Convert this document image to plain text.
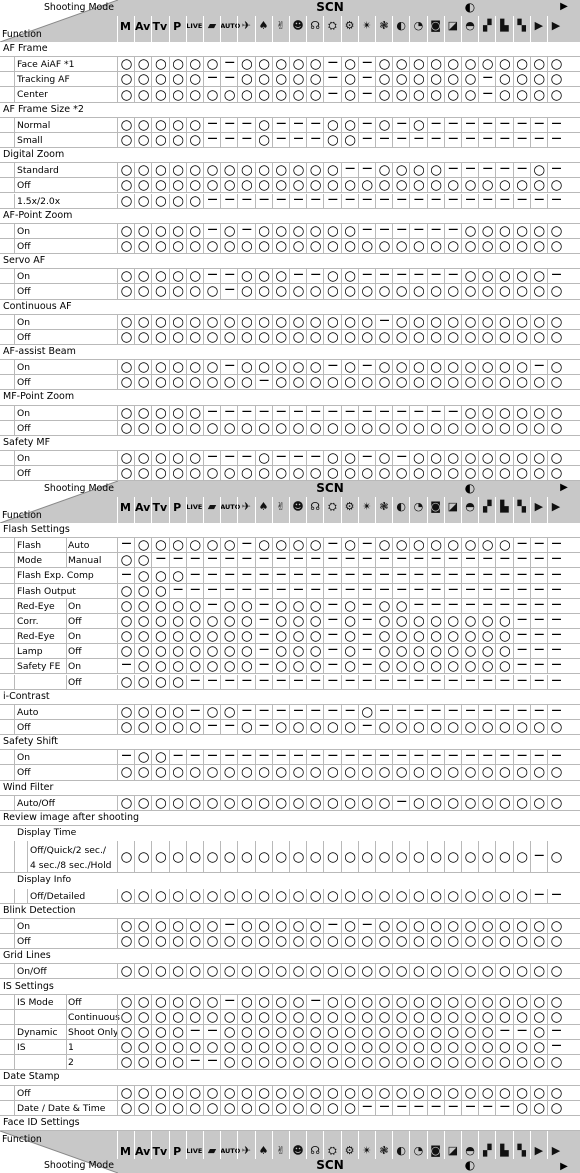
Shooting Mode
Function
M Av Tv P LIVE	AUTO
▰ ✈ ♠ ✌ ☻ ☊ ⛭ ⚙ ✴ ❃ ◐ ◔ ◙ ◪ ◓ ▞ ▙ ▚ ▶ ▶
SCN	◐	▶
AF Frame
Face AiAF *1	○ ○ ○ ○ ○ ○ — ○ ○ ○ ○ ○ — ○ — ○ ○ ○ ○ ○ ○ ○ ○ ○ ○ ○
Tracking AF	○ ○ ○ ○ ○ — — ○ ○ ○ ○ ○ — ○ — ○ ○ ○ ○ ○ ○ — ○ ○ ○ ○
Center	○ ○ ○ ○ ○ ○ ○ ○ ○ ○ ○ ○ — ○ — ○ ○ ○ ○ ○ ○ — ○ ○ ○ ○
AF Frame Size *2
Normal	○ ○ ○ ○ ○ — — — ○ — — — ○ ○ — ○ — ○ — — — — — — — —
Small	○ ○ ○ ○ ○ — — — ○ — — — ○ ○ — — — — — — — — — — — —
Digital Zoom
Standard	○ ○ ○ ○ ○ ○ ○ ○ ○ ○ ○ ○ ○ — — ○ ○ ○ ○ — — — — — ○ —
Off	○ ○ ○ ○ ○ ○ ○ ○ ○ ○ ○ ○ ○ ○ ○ ○ ○ ○ ○ ○ ○ ○ ○ ○ ○ ○
1.5x/2.0x	○ ○ ○ ○ ○ — — — — — — — — — — — — — — — — — — — — —
AF-Point Zoom
On	○ ○ ○ ○ ○ — ○ — ○ ○ ○ ○ ○ ○ — — — — — — ○ ○ ○ ○ ○ ○
Off	○ ○ ○ ○ ○ ○ ○ ○ ○ ○ ○ ○ ○ ○ ○ ○ ○ ○ ○ ○ ○ ○ ○ ○ ○ ○
Servo AF
On	○ ○ ○ ○ ○ — — ○ ○ ○ — — ○ ○ — — — — — — ○ ○ ○ ○ ○ —
Off	○ ○ ○ ○ ○ ○ — ○ ○ ○ ○ ○ ○ ○ ○ ○ ○ ○ ○ ○ ○ ○ ○ ○ ○ ○
Continuous AF
On	○ ○ ○ ○ ○ ○ ○ ○ ○ ○ ○ ○ ○ ○ ○ — ○ ○ ○ ○ ○ ○ ○ ○ ○ ○
Off	○ ○ ○ ○ ○ ○ ○ ○ ○ ○ ○ ○ ○ ○ ○ ○ ○ ○ ○ ○ ○ ○ ○ ○ ○ ○
AF-assist Beam
On	○ ○ ○ ○ ○ ○ — ○ ○ ○ ○ ○ — ○ — ○ ○ ○ ○ ○ ○ ○ ○ ○ — ○
Off	○ ○ ○ ○ ○ ○ ○ ○ — ○ ○ ○ ○ ○ ○ ○ ○ ○ ○ ○ ○ ○ ○ ○ ○ ○
MF-Point Zoom
On	○ ○ ○ ○ ○ — — — — — — — — — — — — — — — ○ ○ ○ ○ ○ ○
Off	○ ○ ○ ○ ○ ○ ○ ○ ○ ○ ○ ○ ○ ○ ○ ○ ○ ○ ○ ○ ○ ○ ○ ○ ○ ○
Safety MF
On	○ ○ ○ ○ ○ — — — ○ — — — ○ ○ — ○ — ○ ○ ○ ○ ○ ○ ○ ○ ○
Off	○ ○ ○ ○ ○ ○ ○ ○ ○ ○ ○ ○ ○ ○ ○ ○ ○ ○ ○ ○ ○ ○ ○ ○ ○ ○
Shooting Mode
Function
M Av Tv P LIVE	AUTO
▰ ✈ ♠ ✌ ☻ ☊ ⛭ ⚙ ✴ ❃ ◐ ◔ ◙ ◪ ◓ ▞ ▙ ▚ ▶ ▶
SCN	◐	▶
Flash Settings
Flash	Auto	— ○ ○ ○ ○ ○ ○ — ○ ○ ○ ○ — ○ — ○ ○ ○ ○ ○ ○ ○ ○ — — —
Mode	Manual ○ ○ — — — — — — — — — — — — — — — — — — — — — — — —
Flash Exp. Comp	— ○ ○ ○ — — — — — — — — — — — — — — — — — — — — — —
Flash Output	○ ○ ○ — — — — — — — — — — — — — — — — — — — — — — —
Red-Eye On	○ ○ ○ ○ ○ — ○ ○ — ○ ○ ○ — ○ — ○ ○ — — — — — — — — —
Corr.	Off	○ ○ ○ ○ ○ ○ ○ ○ — ○ ○ ○ — ○ — ○ ○ ○ ○ ○ ○ ○ ○ — — —
Red-Eye On	○ ○ ○ ○ ○ ○ ○ ○ — ○ ○ ○ — ○ — ○ ○ ○ ○ ○ ○ ○ ○ — — —
Lamp	Off	○ ○ ○ ○ ○ ○ ○ ○ — ○ ○ ○ — ○ — ○ ○ ○ ○ ○ ○ ○ ○ — — —
Safety FE On	— ○ ○ ○ ○ ○ ○ ○ — ○ ○ ○ — ○ — ○ ○ ○ ○ ○ ○ ○ ○ — — —
Off	○ ○ ○ ○ — — — — — — — — — — — — — — — — — — — — — —
i-Contrast
Auto	○ ○ ○ ○ — ○ ○ — — — — — — — ○ — — — — — — — — — — —
Off	○ ○ ○ ○ ○ — — ○ — ○ ○ ○ ○ ○ — ○ ○ ○ ○ ○ ○ ○ ○ ○ ○ ○
Safety Shift
On	— ○ ○ — — — — — — — — — — — — — — — — — — — — — — —
Off	○ ○ ○ ○ ○ ○ ○ ○ ○ ○ ○ ○ ○ ○ ○ ○ ○ ○ ○ ○ ○ ○ ○ ○ ○ ○
Wind Filter
Auto/Off	○ ○ ○ ○ ○ ○ ○ ○ ○ ○ ○ ○ ○ ○ ○ ○ — ○ ○ ○ ○ ○ ○ ○ ○ ○
Review image after shooting
Display Time
Off/Quick/2 sec./
4 sec./8 sec./Hold
○ ○ ○ ○ ○ ○ ○ ○ ○ ○ ○ ○ ○ ○ ○ ○ ○ ○ ○ ○ ○ ○ ○ ○ — ○
Display Info
Off/Detailed	○ ○ ○ ○ ○ ○ ○ ○ ○ ○ ○ ○ ○ ○ ○ ○ ○ ○ ○ ○ ○ ○ ○ ○ — —
Blink Detection
On	○ ○ ○ ○ ○ ○ — ○ ○ ○ ○ ○ — ○ — ○ ○ ○ ○ ○ ○ ○ ○ ○ ○ ○
Off	○ ○ ○ ○ ○ ○ ○ ○ ○ ○ ○ ○ ○ ○ ○ ○ ○ ○ ○ ○ ○ ○ ○ ○ ○ ○
Grid Lines
On/Off	○ ○ ○ ○ ○ ○ ○ ○ ○ ○ ○ ○ ○ ○ ○ ○ ○ ○ ○ ○ ○ ○ ○ ○ ○ ○
IS Settings
IS Mode Off	○ ○ ○ ○ ○ ○ — ○ ○ ○ ○ — ○ ○ ○ ○ ○ ○ ○ ○ ○ ○ ○ ○ ○ ○
Continuous ○ ○ ○ ○ ○ ○ ○ ○ ○ ○ ○ ○ ○ ○ ○ ○ ○ ○ ○ ○ ○ ○ ○ ○ ○ ○
Dynamic Shoot Only ○ ○ ○ ○ — — ○ ○ ○ ○ ○ ○ ○ ○ ○ ○ ○ ○ ○ ○ ○ ○ — — ○ —
IS	1	○ ○ ○ ○ ○ ○ ○ ○ ○ ○ ○ ○ ○ ○ ○ ○ ○ ○ ○ ○ ○ ○ ○ ○ ○ —
2	○ ○ ○ ○ — — ○ ○ ○ ○ ○ ○ ○ ○ ○ ○ ○ ○ ○ ○ ○ ○ ○ ○ ○ ○
Date Stamp
Off	○ ○ ○ ○ ○ ○ ○ ○ ○ ○ ○ ○ ○ ○ ○ ○ ○ ○ ○ ○ ○ ○ ○ ○ ○ ○
Date / Date & Time ○ ○ ○ ○ ○ ○ ○ ○ ○ ○ ○ ○ ○ ○ — — — — — — — — — ○ ○ ○
Face ID Settings
Shooting Mode
Function
M Av Tv P LIVE	AUTO
▰ ✈ ♠ ✌ ☻ ☊ ⛭ ⚙ ✴ ❃ ◐ ◔ ◙ ◪ ◓ ▞ ▙ ▚ ▶ ▶
SCN	◐	▶
